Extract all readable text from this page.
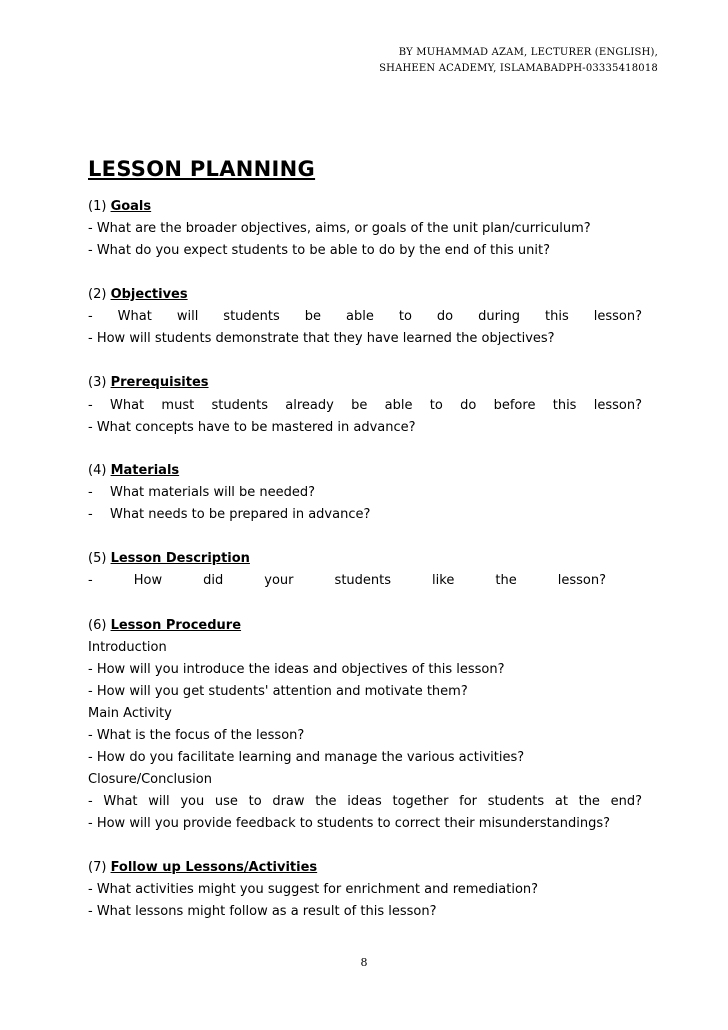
BY MUHAMMAD AZAM, LECTURER (ENGLISH),
SHAHEEN ACADEMY, ISLAMABADPH-03335418018
LESSON PLANNING
(1) Goals
- What are the broader objectives, aims, or goals of the unit plan/curriculum?
- What do you expect students to be able to do by the end of this unit?
(2) Objectives
- What will students be able to do during this lesson?
- How will students demonstrate that they have learned the objectives?
(3) Prerequisites
- What must students already be able to do before this lesson?
- What concepts have to be mastered in advance?
(4) Materials
- What materials will be needed?
- What needs to be prepared in advance?
(5) Lesson Description
- How did your students like the lesson?
(6) Lesson Procedure
Introduction
- How will you introduce the ideas and objectives of this lesson?
- How will you get students' attention and motivate them?
Main Activity
- What is the focus of the lesson?
- How do you facilitate learning and manage the various activities?
Closure/Conclusion
- What will you use to draw the ideas together for students at the end?
- How will you provide feedback to students to correct their misunderstandings?
(7) Follow up Lessons/Activities
- What activities might you suggest for enrichment and remediation?
- What lessons might follow as a result of this lesson?
8
